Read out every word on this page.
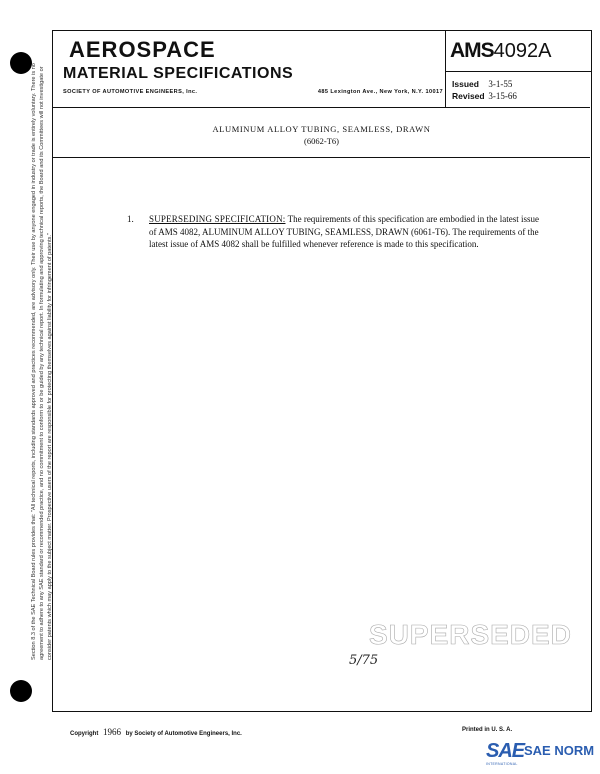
Section 8.3 of the SAE Technical Board rules provides that: "All technical reports, including standards approved and practices recommended, are advisory only. Their use by anyone engaged in industry or trade is entirely voluntary. There is no agreement to adhere to any SAE standard or recommended practice, and no commitment to conform to or be guided by any technical report. In formulating and approving technical reports, the Board and its Committees will not investigate or consider patents which may apply to the subject matter. Prospective users of the report are responsible for protecting themselves against liability for infringement of patents."
AEROSPACE
MATERIAL SPECIFICATIONS
SOCIETY OF AUTOMOTIVE ENGINEERS, Inc.	485 Lexington Ave., New York, N.Y. 10017
AMS4092A
Issued 3-1-55
Revised 3-15-66
ALUMINUM ALLOY TUBING, SEAMLESS, DRAWN
(6062-T6)
1. SUPERSEDING SPECIFICATION: The requirements of this specification are embodied in the latest issue of AMS 4082, ALUMINUM ALLOY TUBING, SEAMLESS, DRAWN (6061-T6). The requirements of the latest issue of AMS 4082 shall be fulfilled whenever reference is made to this specification.
SUPERSEDED
5/75
Copyright 1966 by Society of Automotive Engineers, Inc.
Printed in U. S. A.
SAE SAE NORM
INTERNATIONAL
